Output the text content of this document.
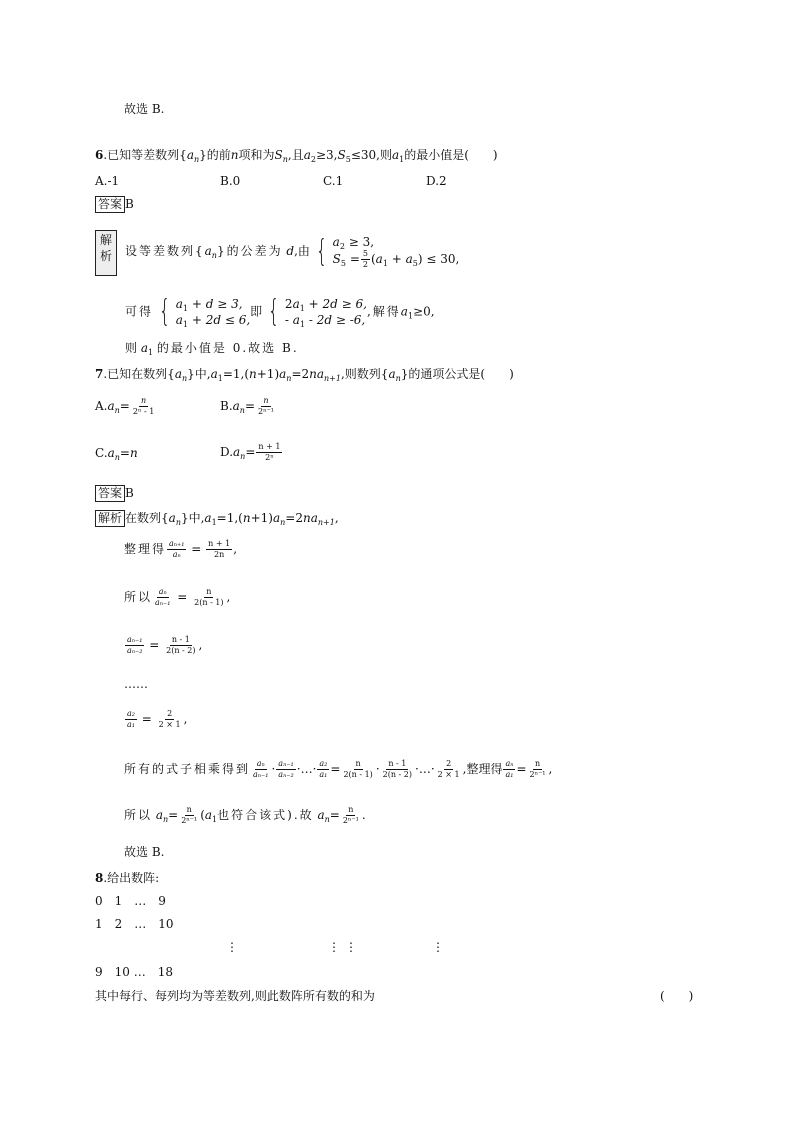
故选 B.
6.已知等差数列$\{a_n\}$的前n项和为$S_n$,且$a_2\ge 3,S_5\le 30$,则$a_1$的最小值是(　　)
A.-1	B.0	C.1	D.2
答案 B
解析	设等差数列$\{a_n\}$的公差为 d,由 { $a_2 \ge 3$,
$S_5 = \frac{5}{2} (a_1 + a_5) \le 30$,
可得 { $a_1 + d \ge 3$,
$a_1 + 2d \le 6$,
即 { $2a_1 + 2d \ge 6$,
- $a_1 - 2d \ge -6$,
,解得$a_1\ge 0$,
则 $a_1$ 的最小值是 0.故选 B.
7.已知在数列$\{a_n\}$中$,a_1=1,(n+1)a_n=2na_{n+1}$,则数列$\{a_n\}$的通项公式是(　　)
$A.a_n= \frac{n}{\text{2ⁿ - 1}}$	$B.a_n= \frac{n}{\text{2ⁿ⁻¹}}$
$C.a_n=n$	$D.a_n= \frac{n + 1}{\text{2ⁿ}}$
答案 B
解析 在数列$\{a_n\}$中$,a_1=1,(n+1)a_n=2na_{n+1}$,
整理得 $\frac{\text{aₙ₊₁}}{\text{aₙ}} = \frac{n + 1}{2n}$ ,
所以 $\frac{\text{aₙ}}{\text{aₙ₋₁}} = \frac{n}{2(n - 1)}$ ,
$\frac{\text{aₙ₋₁}}{\text{aₙ₋₂}} = \frac{n - 1}{2(n - 2)}$ ,
……
$\frac{\text{a₂}}{\text{a₁}} = \frac{2}{2 \times 1}$ ,
所有的式子相乘得到 $\frac{\text{aₙ}}{\text{aₙ₋₁}} \cdot \frac{\text{aₙ₋₁}}{\text{aₙ₋₂}}$ ·…· $\frac{\text{a₂}}{\text{a₁}} = \frac{n}{2(n - 1)} \cdot \frac{n - 1}{2(n - 2)}$ ·…· $\frac{2}{2 \times 1}$ ,整理得 $\frac{\text{aₙ}}{\text{a₁}} = \frac{n}{\text{2ⁿ⁻¹}}$ ,
所以 $a_n= \frac{n}{\text{2ⁿ⁻¹}} (a_1$也符合该式).故 $a_n= \frac{n}{\text{2ⁿ⁻¹}}$ .
故选 B.
8.给出数阵:
0　1　…　9
1　2　…　10
⋮	⋮ ⋮	⋮
9　10 …　18
其中每行、每列均为等差数列,则此数阵所有数的和为	(　　)
